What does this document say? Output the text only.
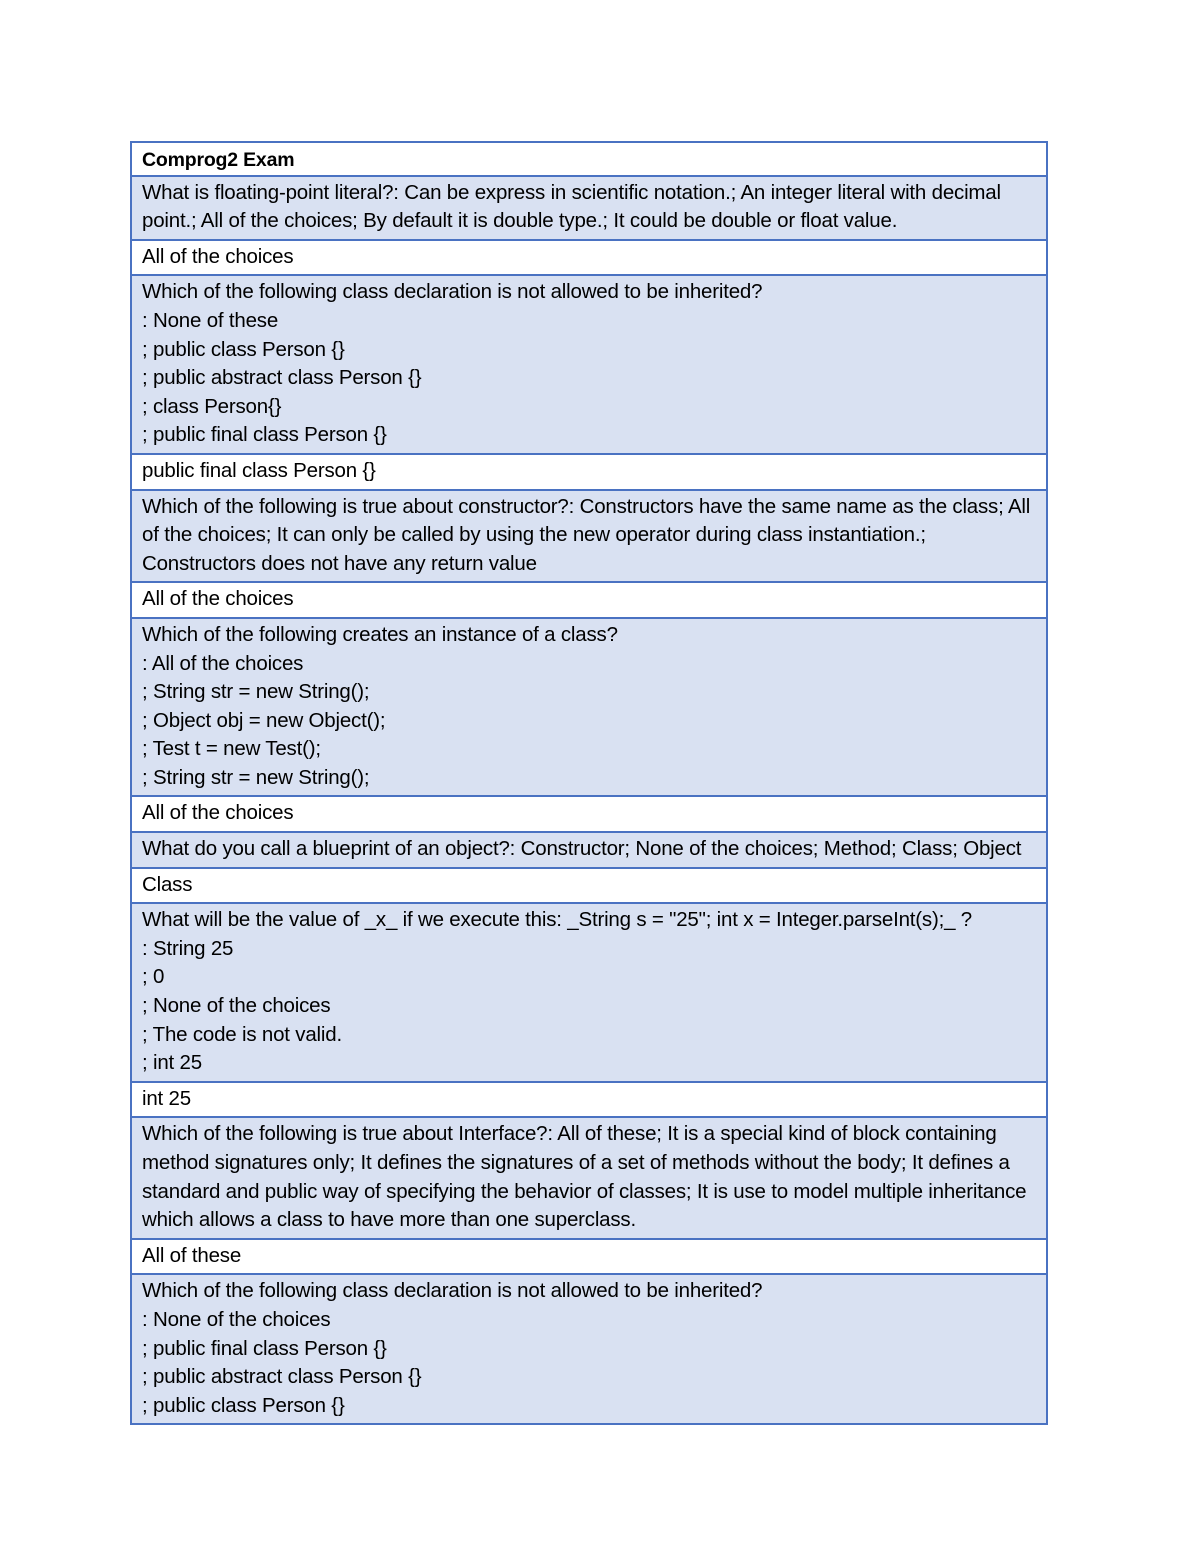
Comprog2 Exam
What is floating-point literal?: Can be express in scientific notation.; An integer literal with decimal point.; All of the choices; By default it is double type.; It could be double or float value.
All of the choices
Which of the following class declaration is not allowed to be inherited?
: None of these
; public class Person {}
; public abstract class Person {}
; class Person{}
; public final class Person {}
public final class Person {}
Which of the following is true about constructor?: Constructors have the same name as the class; All of the choices; It can only be called by using the new operator during class instantiation.; Constructors does not have any return value
All of the choices
Which of the following creates an instance of a class?
: All of the choices
; String str = new String();
; Object obj = new Object();
; Test t = new Test();
; String str = new String();
All of the choices
What do you call a blueprint of an object?: Constructor; None of the choices; Method; Class; Object
Class
What will be the value of _x_ if we execute this: _String s = "25"; int x = Integer.parseInt(s);_ ?
: String 25
; 0
; None of the choices
; The code is not valid.
; int 25
int 25
Which of the following is true about Interface?: All of these; It is a special kind of block containing method signatures only; It defines the signatures of a set of methods without the body; It defines a standard and public way of specifying the behavior of classes; It is use to model multiple inheritance which allows a class to have more than one superclass.
All of these
Which of the following class declaration is not allowed to be inherited?
: None of the choices
; public final class Person {}
; public abstract class Person {}
; public class Person {}
